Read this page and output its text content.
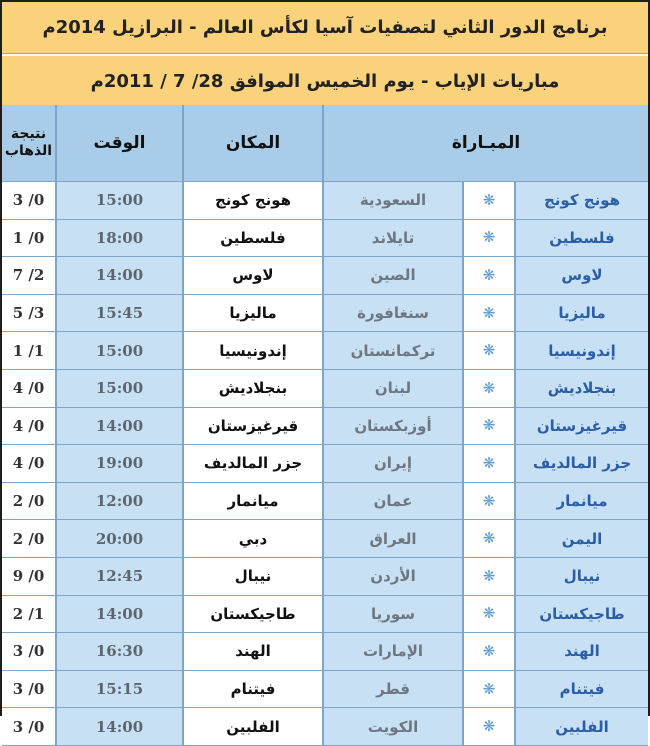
برنامج الدور الثاني لتصفيات آسيا لكأس العالم - البرازيل 2014م
مباريات الإياب - يوم الخميس الموافق 28/ 7 / 2011م
المبـاراة
المكان
الوقت
نتيجة الذهاب
هونج كونج
❋
السعودية
هونج كونج
15:00
3 /0
فلسطين
❋
تايلاند
فلسطين
18:00
1 /0
لاوس
❋
الصين
لاوس
14:00
7 /2
ماليزيا
❋
سنغافورة
ماليزيا
15:45
5 /3
إندونيسيا
❋
تركمانستان
إندونيسيا
15:00
1 /1
بنجلاديش
❋
لبنان
بنجلاديش
15:00
4 /0
قيرغيزستان
❋
أوزبكستان
قيرغيزستان
14:00
4 /0
جزر المالديف
❋
إيران
جزر المالديف
19:00
4 /0
ميانمار
❋
عمان
ميانمار
12:00
2 /0
اليمن
❋
العراق
دبي
20:00
2 /0
نيبال
❋
الأردن
نيبال
12:45
9 /0
طاجيكستان
❋
سوريا
طاجيكستان
14:00
2 /1
الهند
❋
الإمارات
الهند
16:30
3 /0
فيتنام
❋
قطر
فيتنام
15:15
3 /0
الفلبين
❋
الكويت
الفلبين
14:00
3 /0
